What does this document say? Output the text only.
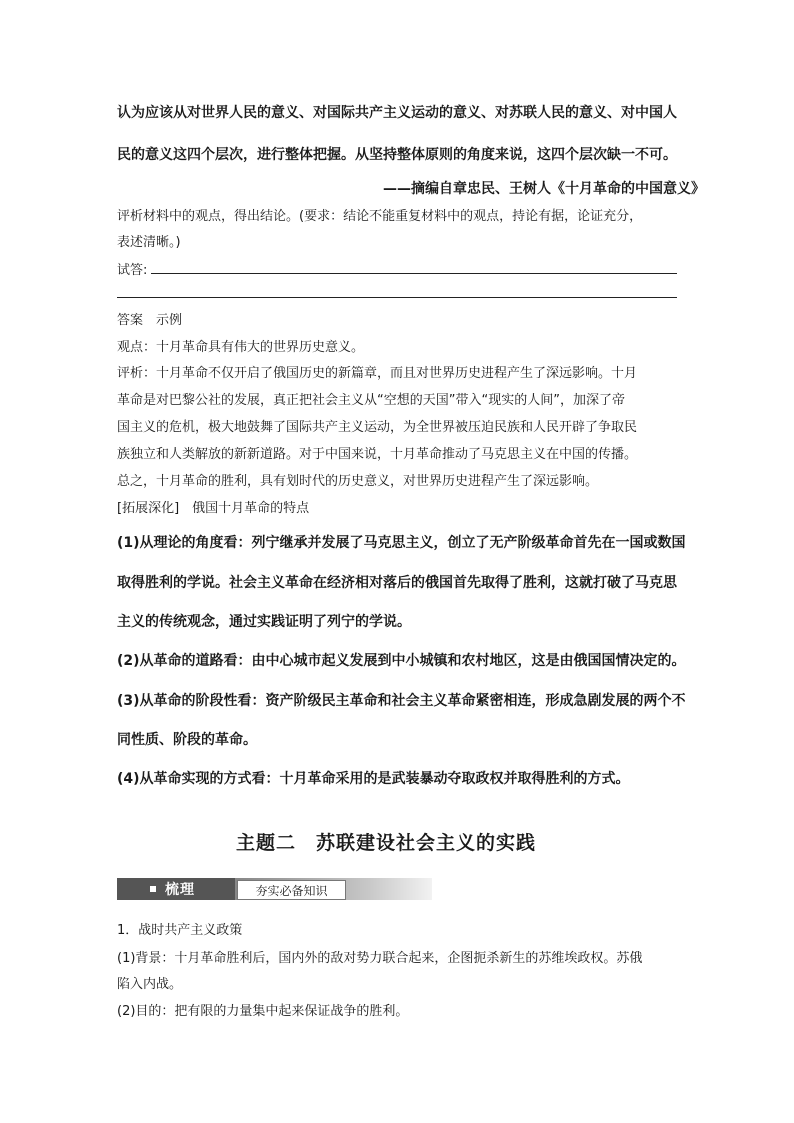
认为应该从对世界人民的意义、对国际共产主义运动的意义、对苏联人民的意义、对中国人
民的意义这四个层次，进行整体把握。从坚持整体原则的角度来说，这四个层次缺一不可。
——摘编自章忠民、王树人《十月革命的中国意义》
评析材料中的观点，得出结论。(要求：结论不能重复材料中的观点，持论有据，论证充分，
表述清晰。)
试答:
答案　示例
观点：十月革命具有伟大的世界历史意义。
评析：十月革命不仅开启了俄国历史的新篇章，而且对世界历史进程产生了深远影响。十月
革命是对巴黎公社的发展，真正把社会主义从“空想的天国”带入“现实的人间”，加深了帝
国主义的危机，极大地鼓舞了国际共产主义运动，为全世界被压迫民族和人民开辟了争取民
族独立和人类解放的新新道路。对于中国来说，十月革命推动了马克思主义在中国的传播。
总之，十月革命的胜利，具有划时代的历史意义，对世界历史进程产生了深远影响。
[拓展深化]　俄国十月革命的特点
(1)从理论的角度看：列宁继承并发展了马克思主义，创立了无产阶级革命首先在一国或数国
取得胜利的学说。社会主义革命在经济相对落后的俄国首先取得了胜利，这就打破了马克思
主义的传统观念，通过实践证明了列宁的学说。
(2)从革命的道路看：由中心城市起义发展到中小城镇和农村地区，这是由俄国国情决定的。
(3)从革命的阶段性看：资产阶级民主革命和社会主义革命紧密相连，形成急剧发展的两个不
同性质、阶段的革命。
(4)从革命实现的方式看：十月革命采用的是武装暴动夺取政权并取得胜利的方式。
主题二　苏联建设社会主义的实践
梳理	夯实必备知识
1．战时共产主义政策
(1)背景：十月革命胜利后，国内外的敌对势力联合起来，企图扼杀新生的苏维埃政权。苏俄
陷入内战。
(2)目的：把有限的力量集中起来保证战争的胜利。
